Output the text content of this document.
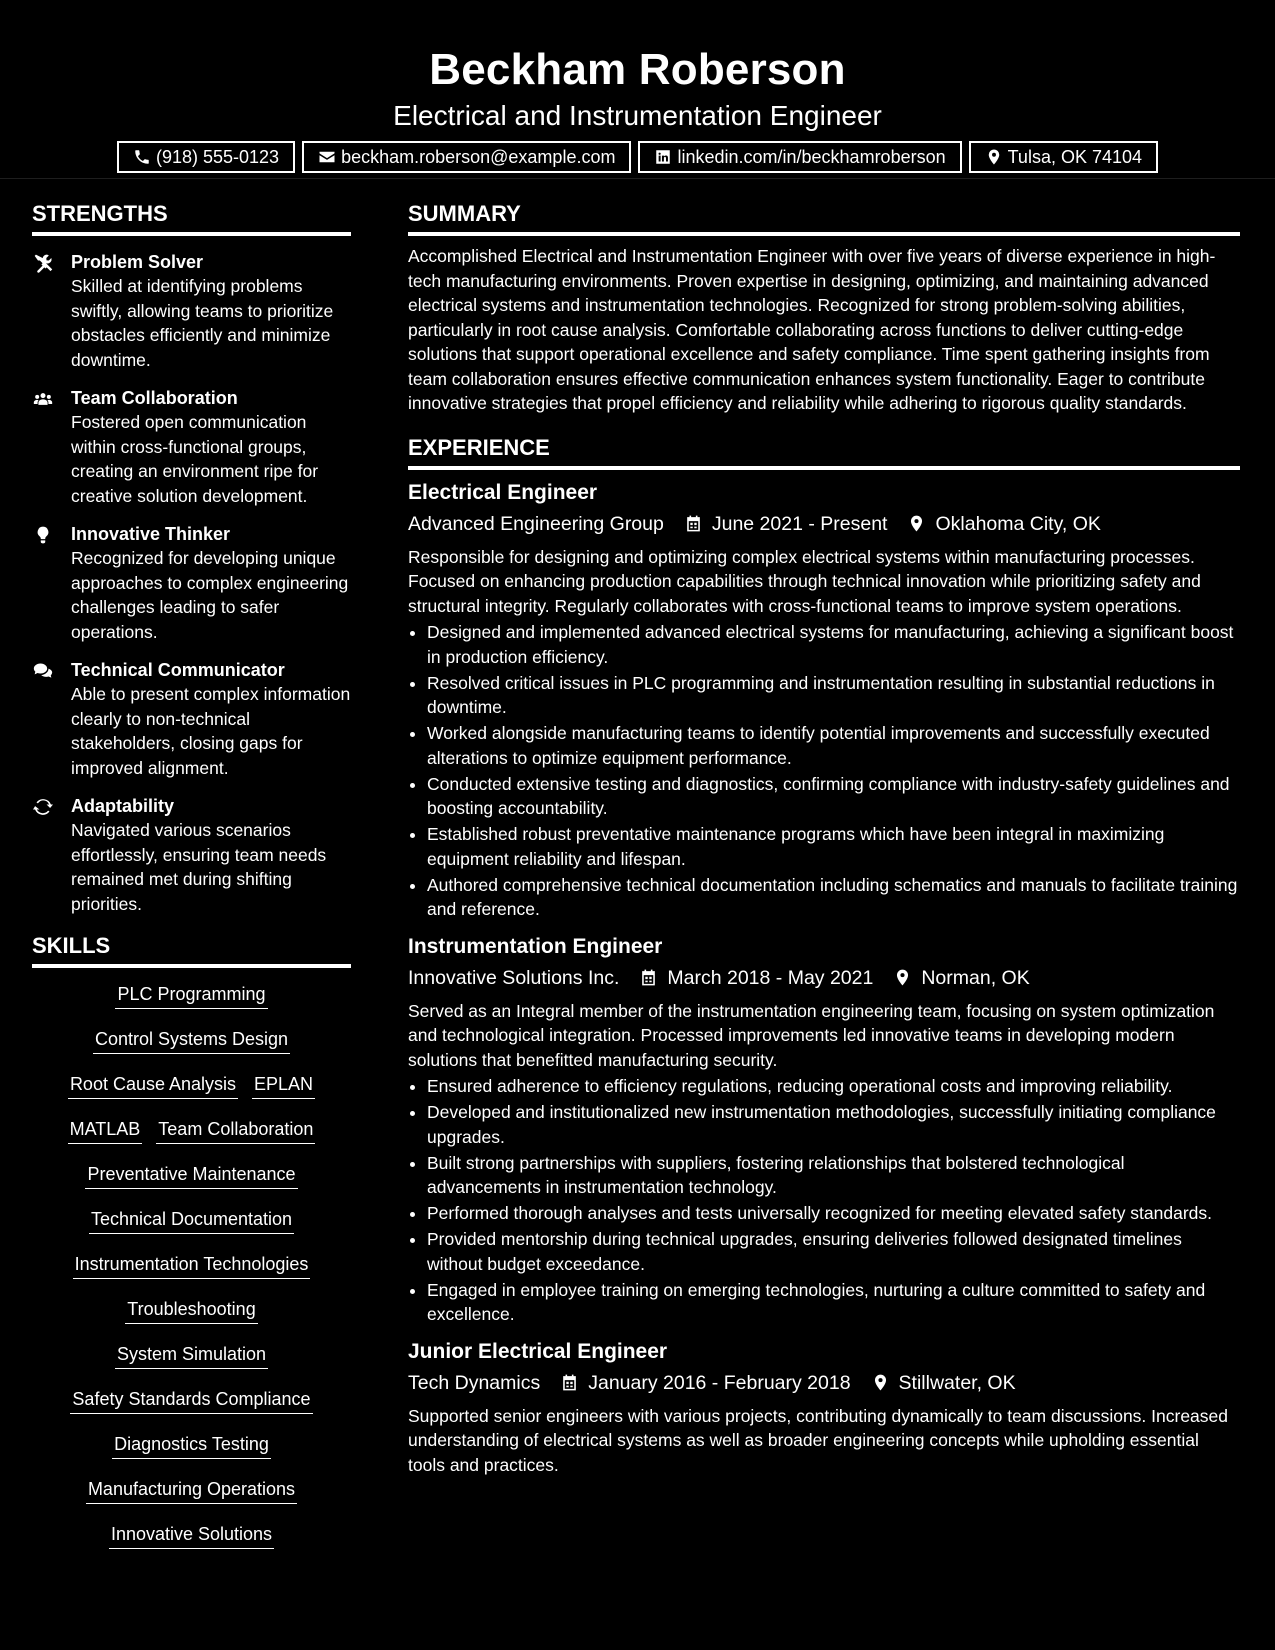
Beckham Roberson

Electrical and Instrumentation Engineer

(918) 555-0123	beckham.roberson@example.com	linkedin.com/in/beckhamroberson	Tulsa, OK 74104
STRENGTHS
Problem Solver
Skilled at identifying problems swiftly, allowing teams to prioritize obstacles efficiently and minimize downtime.
Team Collaboration
Fostered open communication within cross-functional groups, creating an environment ripe for creative solution development.
Innovative Thinker
Recognized for developing unique approaches to complex engineering challenges leading to safer operations.
Technical Communicator
Able to present complex information clearly to non-technical stakeholders, closing gaps for improved alignment.
Adaptability
Navigated various scenarios effortlessly, ensuring team needs remained met during shifting priorities.
SKILLS
PLC Programming
Control Systems Design
Root Cause Analysis EPLAN
MATLAB Team Collaboration
Preventative Maintenance
Technical Documentation
Instrumentation Technologies
Troubleshooting
System Simulation
Safety Standards Compliance
Diagnostics Testing
Manufacturing Operations
Innovative Solutions
SUMMARY

Accomplished Electrical and Instrumentation Engineer with over five years of diverse experience in high-tech manufacturing environments. Proven expertise in designing, optimizing, and maintaining advanced electrical systems and instrumentation technologies. Recognized for strong problem-solving abilities, particularly in root cause analysis. Comfortable collaborating across functions to deliver cutting-edge solutions that support operational excellence and safety compliance. Time spent gathering insights from team collaboration ensures effective communication enhances system functionality. Eager to contribute innovative strategies that propel efficiency and reliability while adhering to rigorous quality standards.

EXPERIENCE
Electrical Engineer
Advanced Engineering Group June 2021 - Present Oklahoma City, OK

Responsible for designing and optimizing complex electrical systems within manufacturing processes. Focused on enhancing production capabilities through technical innovation while prioritizing safety and structural integrity. Regularly collaborates with cross-functional teams to improve system operations.

• Designed and implemented advanced electrical systems for manufacturing, achieving a significant boost in production efficiency.
• Resolved critical issues in PLC programming and instrumentation resulting in substantial reductions in downtime.
• Worked alongside manufacturing teams to identify potential improvements and successfully executed alterations to optimize equipment performance.
• Conducted extensive testing and diagnostics, confirming compliance with industry-safety guidelines and boosting accountability.
• Established robust preventative maintenance programs which have been integral in maximizing equipment reliability and lifespan.
• Authored comprehensive technical documentation including schematics and manuals to facilitate training and reference.
Instrumentation Engineer
Innovative Solutions Inc. March 2018 - May 2021 Norman, OK

Served as an Integral member of the instrumentation engineering team, focusing on system optimization and technological integration. Processed improvements led innovative teams in developing modern solutions that benefitted manufacturing security.

• Ensured adherence to efficiency regulations, reducing operational costs and improving reliability.
• Developed and institutionalized new instrumentation methodologies, successfully initiating compliance upgrades.
• Built strong partnerships with suppliers, fostering relationships that bolstered technological advancements in instrumentation technology.
• Performed thorough analyses and tests universally recognized for meeting elevated safety standards.
• Provided mentorship during technical upgrades, ensuring deliveries followed designated timelines without budget exceedance.
• Engaged in employee training on emerging technologies, nurturing a culture committed to safety and excellence.
Junior Electrical Engineer
Tech Dynamics January 2016 - February 2018 Stillwater, OK

Supported senior engineers with various projects, contributing dynamically to team discussions. Increased understanding of electrical systems as well as broader engineering concepts while upholding essential tools and practices.
